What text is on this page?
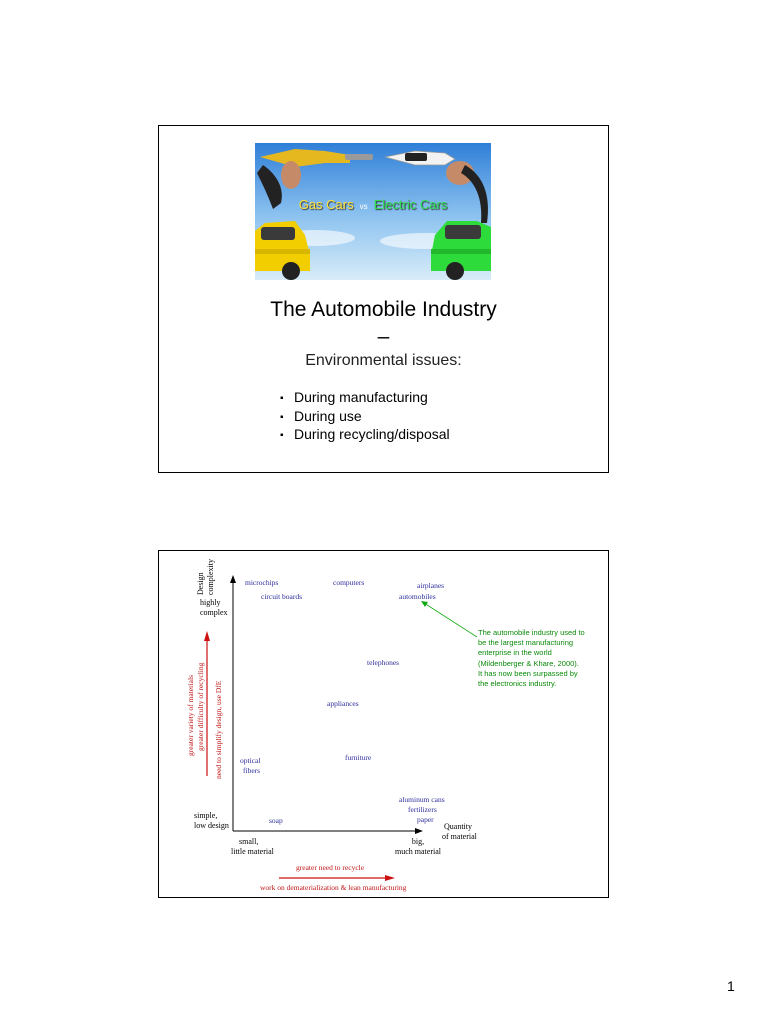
Gas Cars vs Electric Cars
The Automobile Industry
–
Environmental issues:
▪ During manufacturing
▪ During use
▪ During recycling/disposal
Design complexity
highly
complex
simple,
low design
small,
little material
big,
much material
Quantity
of material
greater variety of materials greater difficulty of recycling need to simplify design, use DfE
greater need to recycle
work on dematerialization & lean manufacturing
microchips
circuit boards
computers	airplanes
automobiles
telephones
appliances
optical
fibers
furniture
aluminum cans
fertilizers
paper
soap
The automobile industry used to
be the largest manufacturing
enterprise in the world
(Mildenberger & Khare, 2000).
It has now been surpassed by
the electronics industry.
1
